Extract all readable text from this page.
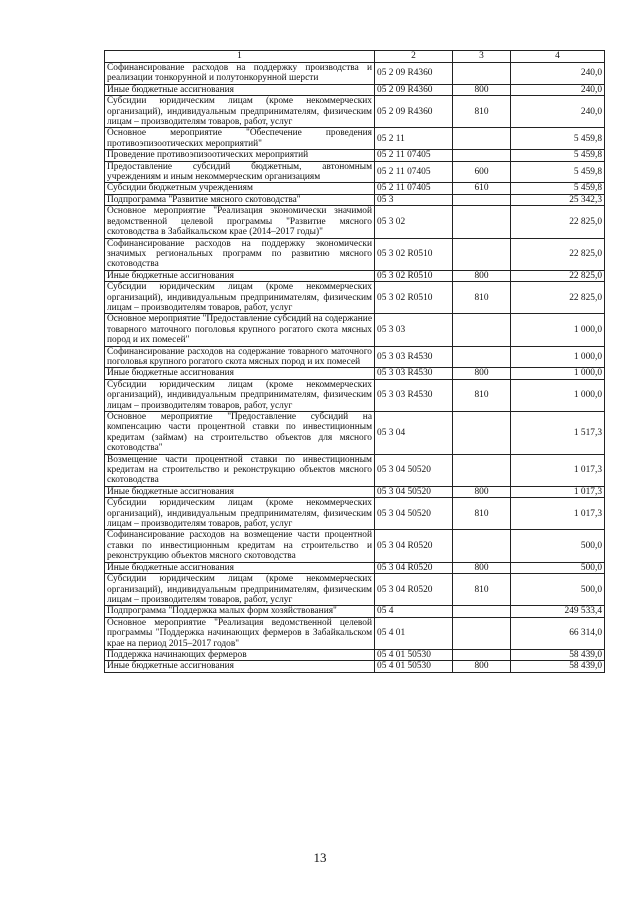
1	2	3	4
Софинансирование расходов на поддержку производства и реализации тонкорунной и полутонкорунной шерсти	05 2 09 R4360		240,0
Иные бюджетные ассигнования	05 2 09 R4360	800	240,0
Субсидии юридическим лицам (кроме некоммерческих организаций), индивидуальным предпринимателям, физическим лицам – производителям товаров, работ, услуг	05 2 09 R4360	810	240,0
Основное мероприятие "Обеспечение проведения противоэпизоотических мероприятий"	05 2 11		5 459,8
Проведение противоэпизоотических мероприятий	05 2 11 07405		5 459,8
Предоставление субсидий бюджетным, автономным учреждениям и иным некоммерческим организациям	05 2 11 07405	600	5 459,8
Субсидии бюджетным учреждениям	05 2 11 07405	610	5 459,8
Подпрограмма "Развитие мясного скотоводства"	05 3		25 342,3
Основное мероприятие "Реализация экономически значимой ведомственной целевой программы "Развитие мясного скотоводства в Забайкальском крае (2014–2017 годы)"	05 3 02		22 825,0
Софинансирование расходов на поддержку экономически значимых региональных программ по развитию мясного скотоводства	05 3 02 R0510		22 825,0
Иные бюджетные ассигнования	05 3 02 R0510	800	22 825,0
Субсидии юридическим лицам (кроме некоммерческих организаций), индивидуальным предпринимателям, физическим лицам – производителям товаров, работ, услуг	05 3 02 R0510	810	22 825,0
Основное мероприятие "Предоставление субсидий на содержание товарного маточного поголовья крупного рогатого скота мясных пород и их помесей"	05 3 03		1 000,0
Софинансирование расходов на содержание товарного маточного поголовья крупного рогатого скота мясных пород и их помесей	05 3 03 R4530		1 000,0
Иные бюджетные ассигнования	05 3 03 R4530	800	1 000,0
Субсидии юридическим лицам (кроме некоммерческих организаций), индивидуальным предпринимателям, физическим лицам – производителям товаров, работ, услуг	05 3 03 R4530	810	1 000,0
Основное мероприятие "Предоставление субсидий на компенсацию части процентной ставки по инвестиционным кредитам (займам) на строительство объектов для мясного скотоводства"	05 3 04		1 517,3
Возмещение части процентной ставки по инвестиционным кредитам на строительство и реконструкцию объектов мясного скотоводства	05 3 04 50520		1 017,3
Иные бюджетные ассигнования	05 3 04 50520	800	1 017,3
Субсидии юридическим лицам (кроме некоммерческих организаций), индивидуальным предпринимателям, физическим лицам – производителям товаров, работ, услуг	05 3 04 50520	810	1 017,3
Софинансирование расходов на возмещение части процентной ставки по инвестиционным кредитам на строительство и реконструкцию объектов мясного скотоводства	05 3 04 R0520		500,0
Иные бюджетные ассигнования	05 3 04 R0520	800	500,0
Субсидии юридическим лицам (кроме некоммерческих организаций), индивидуальным предпринимателям, физическим лицам – производителям товаров, работ, услуг	05 3 04 R0520	810	500,0
Подпрограмма "Поддержка малых форм хозяйствования"	05 4		249 533,4
Основное мероприятие "Реализация ведомственной целевой программы "Поддержка начинающих фермеров в Забайкальском крае на период 2015–2017 годов"	05 4 01		66 314,0
Поддержка начинающих фермеров	05 4 01 50530		58 439,0
Иные бюджетные ассигнования	05 4 01 50530	800	58 439,0
13
